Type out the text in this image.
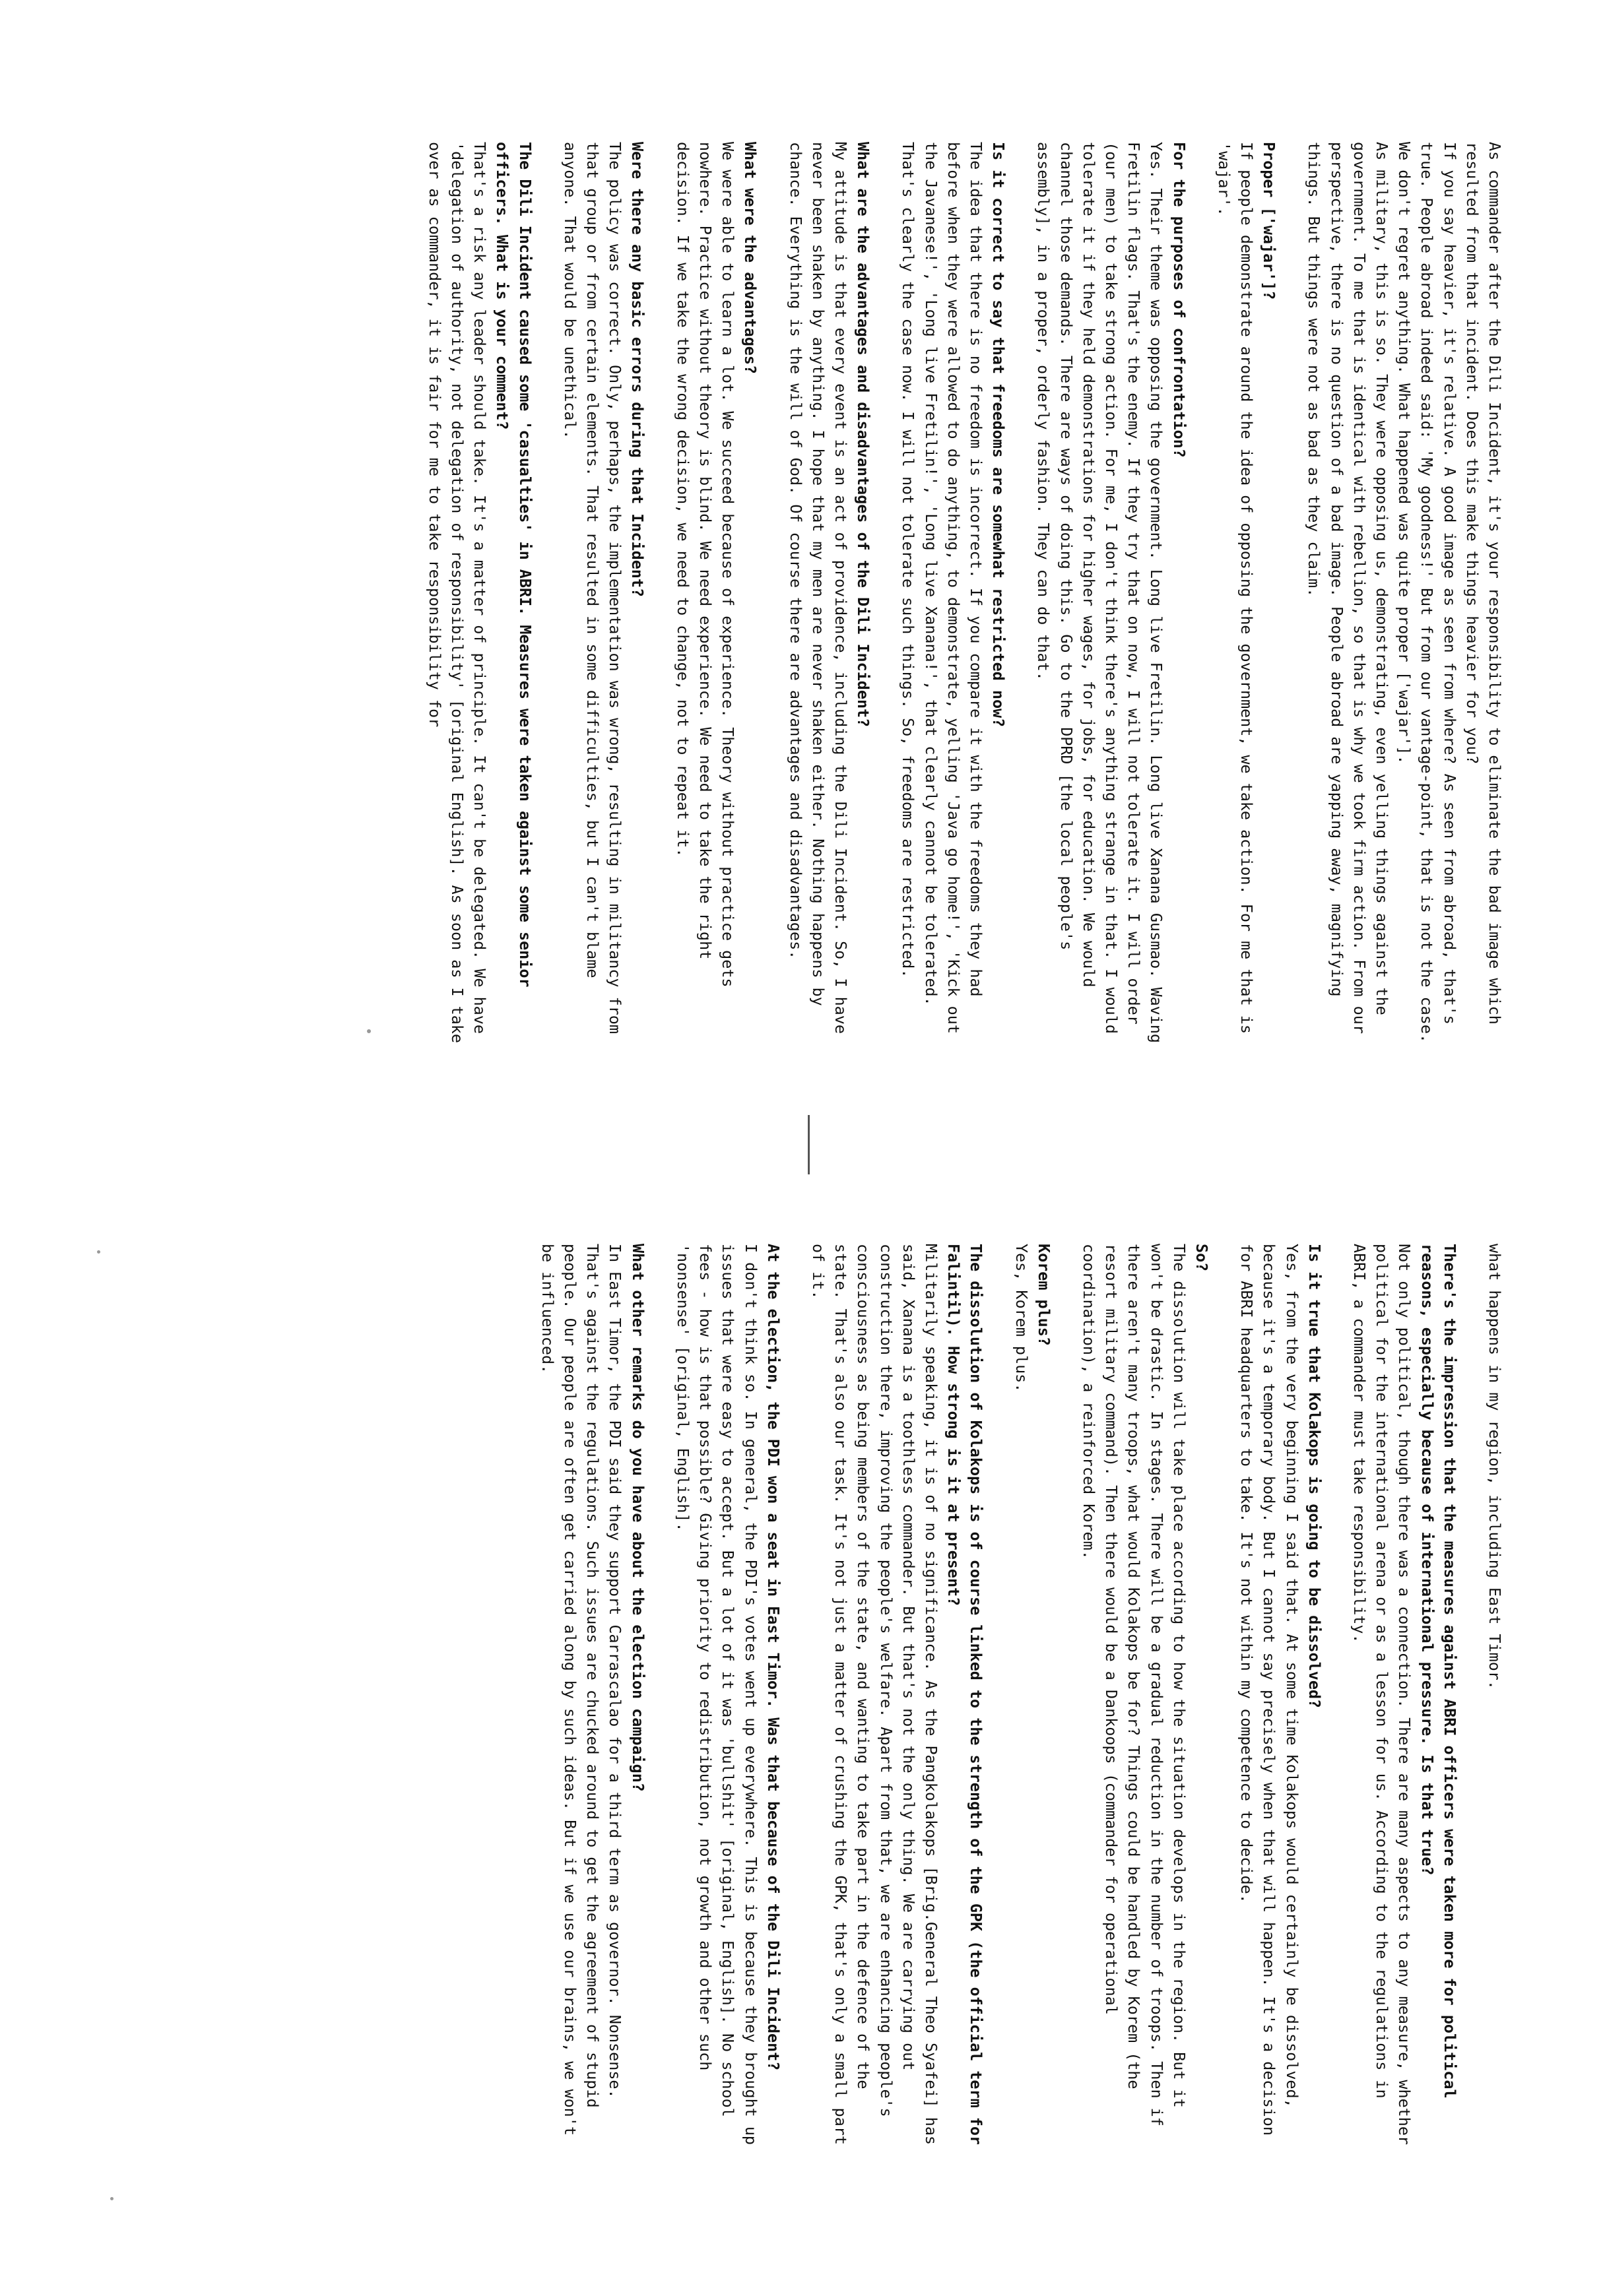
As commander after the Dili Incident, it's your responsibility to eliminate the bad image which resulted from that incident. Does this make things heavier for you?
If you say heavier, it's relative. A good image as seen from where? As seen from abroad, that's true. People abroad indeed said: 'My goodness!' But from our vantage-point, that is not the case. We don't regret anything. What happened was quite proper ['wajar'].
As military, this is so. They were opposing us, demonstrating, even yelling things against the government. To me that is identical with rebellion, so that is why we took firm action. From our perspective, there is no question of a bad image. People abroad are yapping away, magnifying things. But things were not as bad as they claim.

Proper ['wajar']?

If people demonstrate around the idea of opposing the government, we take action. For me that is 'wajar'.

For the purposes of confrontation?

Yes. Their theme was opposing the government. Long live Fretilin. Long live Xanana Gusmao. Waving Fretilin flags. That's the enemy. If they try that on now, I will not tolerate it. I will order (our men) to take strong action. For me, I don't think there's anything strange in that. I would tolerate it if they held demonstrations for higher wages, for jobs, for education. We would channel those demands. There are ways of doing this. Go to the DPRD [the local people's assembly], in a proper, orderly fashion. They can do that.

Is it correct to say that freedoms are somewhat restricted now?

The idea that there is no freedom is incorrect. If you compare it with the freedoms they had before when they were allowed to do anything, to demonstrate, yelling 'Java go home!', 'Kick out the Javanese!', 'Long live Fretilin!', 'Long live Xanana!', that clearly cannot be tolerated. That's clearly the case now. I will not tolerate such things. So, freedoms are restricted.

What are the advantages and disadvantages of the Dili Incident?

My attitude is that every event is an act of providence, including the Dili Incident. So, I have never been shaken by anything. I hope that my men are never shaken either. Nothing happens by chance. Everything is the will of God. Of course there are advantages and disadvantages.

What were the advantages?

We were able to learn a lot. We succeed because of experience. Theory without practice gets nowhere. Practice without theory is blind. We need experience. We need to take the right decision. If we take the wrong decision, we need to change, not to repeat it.

Were there any basic errors during that Incident?

The policy was correct. Only, perhaps, the implementation was wrong, resulting in militancy from that group or from certain elements. That resulted in some difficulties, but I can't blame anyone. That would be unethical.

The Dili Incident caused some 'casualties' in ABRI. Measures were taken against some senior officers. What is your comment?

That's a risk any leader should take. It's a matter of principle. It can't be delegated. We have 'delegation of authority, not delegation of responsibility' [original English]. As soon as I take over as commander, it is fair for me to take responsibility for

what happens in my region, including East Timor.

There's the impression that the measures against ABRI officers were taken more for political reasons, especially because of international pressure. Is that true?

Not only political, though there was a connection. There are many aspects to any measure, whether political for the international arena or as a lesson for us. According to the regulations in ABRI, a commander must take responsibility.

Is it true that Kolakops is going to be dissolved?

Yes, from the very beginning I said that. At some time Kolakops would certainly be dissolved, because it's a temporary body. But I cannot say precisely when that will happen. It's a decision for ABRI headquarters to take. It's not within my competence to decide.

So?

The dissolution will take place according to how the situation develops in the region. But it won't be drastic. In stages. There will be a gradual reduction in the number of troops. Then if there aren't many troops, what would Kolakops be for? Things could be handled by Korem (the resort military command). Then there would be a Dankoops (commander for operational coordination), a reinforced Korem.

Korem plus?

Yes, Korem plus.

The dissolution of Kolakops is of course linked to the strength of the GPK (the official term for Falintil). How strong is it at present?

Militarily speaking, it is of no significance. As the Pangkolakops [Brig.General Theo Syafei] has said, Xanana is a toothless commander. But that's not the only thing. We are carrying out construction there, improving the people's welfare. Apart from that, we are enhancing people's consciousness as being members of the state, and wanting to take part in the defence of the state. That's also our task. It's not just a matter of crushing the GPK, that's only a small part of it.

At the election, the PDI won a seat in East Timor. Was that because of the Dili Incident?

I don't think so. In general, the PDI's votes went up everywhere. This is because they brought up issues that were easy to accept. But a lot of it was 'bullshit' [original, English]. No school fees - how is that possible? Giving priority to redistribution, not growth and other such 'nonsense' [original, English].

What other remarks do you have about the election campaign?

In East Timor, the PDI said they support Carrascalao for a third term as governor. Nonsense. That's against the regulations. Such issues are chucked around to get the agreement of stupid people. Our people are often get carried along by such ideas. But if we use our brains, we won't be influenced.
